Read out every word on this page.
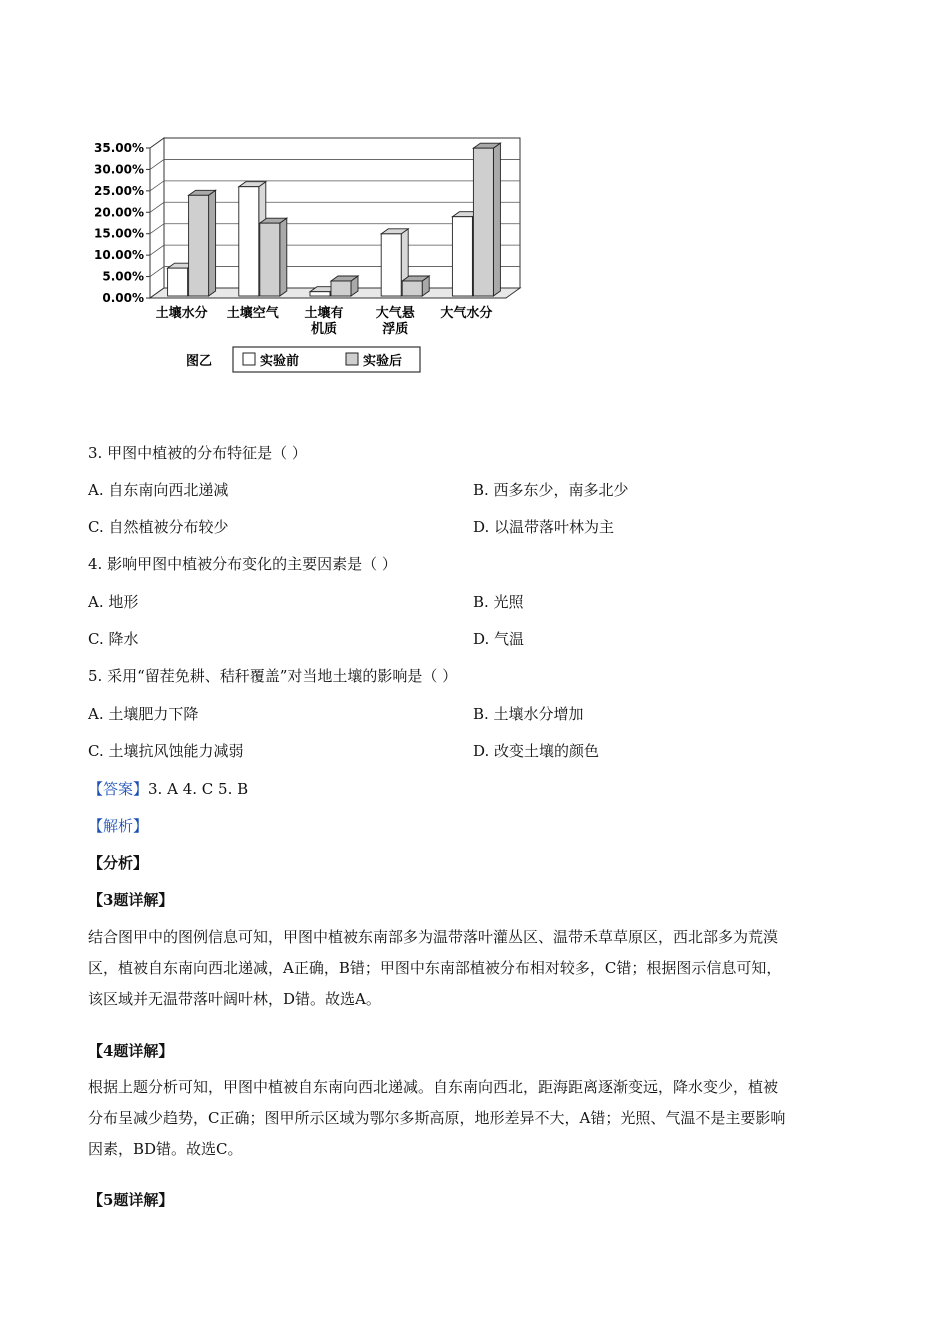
35.00%
30.00%
25.00%
20.00%
15.00%
10.00%
5.00%
0.00%
土壤水分 土壤空气 土壤有
机质
大气悬
浮质
大气水分
图乙	实验前	实验后
3. 甲图中植被的分布特征是（ ）
A. 自东南向西北递减	B. 西多东少，南多北少
C. 自然植被分布较少	D. 以温带落叶林为主
4. 影响甲图中植被分布变化的主要因素是（ ）
A. 地形	B. 光照
C. 降水	D. 气温
5. 采用“留茬免耕、秸秆覆盖”对当地土壤的影响是（ ）
A. 土壤肥力下降	B. 土壤水分增加
C. 土壤抗风蚀能力减弱	D. 改变土壤的颜色
【答案】3. A 4. C 5. B
【解析】
【分析】
【3题详解】
结合图甲中的图例信息可知，甲图中植被东南部多为温带落叶灌丛区、温带禾草草原区，西北部多为荒漠
区，植被自东南向西北递减，A正确，B错；甲图中东南部植被分布相对较多，C错；根据图示信息可知，
该区域并无温带落叶阔叶林，D错。故选A。
【4题详解】
根据上题分析可知，甲图中植被自东南向西北递减。自东南向西北，距海距离逐渐变远，降水变少，植被
分布呈减少趋势，C正确；图甲所示区域为鄂尔多斯高原，地形差异不大，A错；光照、气温不是主要影响
因素，BD错。故选C。
【5题详解】
